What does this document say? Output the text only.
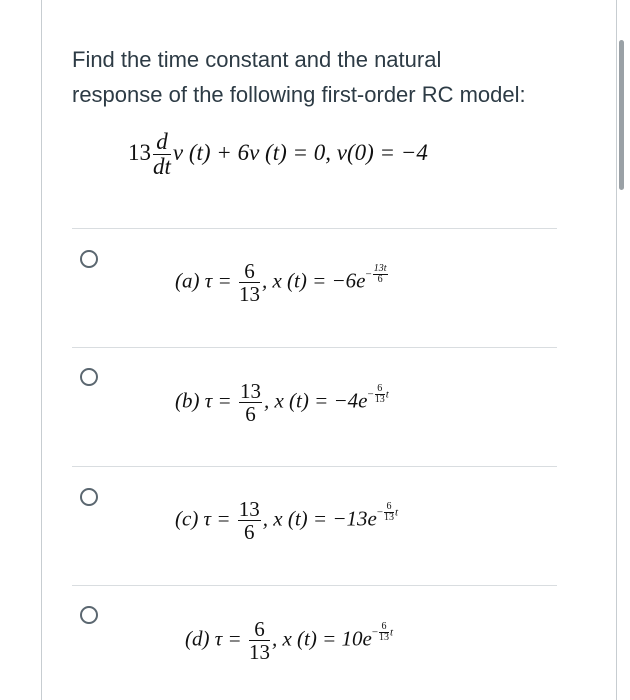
Find the time constant and the natural
response of the following first-order RC model:
$13 \frac{d}{dt}$ v (t) + 6v (t) = 0, v(0) = −4
(a) $\tau = \frac{6}{13}$ , x $(t) = -6e- \frac{13t}{6}$
(b) $\tau = \frac{13}{6}$ , x $(t) = -4e- \frac{6}{13}$ t
(c) $\tau = \frac{13}{6}$ , x $(t) = -13e- \frac{6}{13}$ t
(d) $\tau = \frac{6}{13}$ , x $(t) = 10e- \frac{6}{13}$ t
